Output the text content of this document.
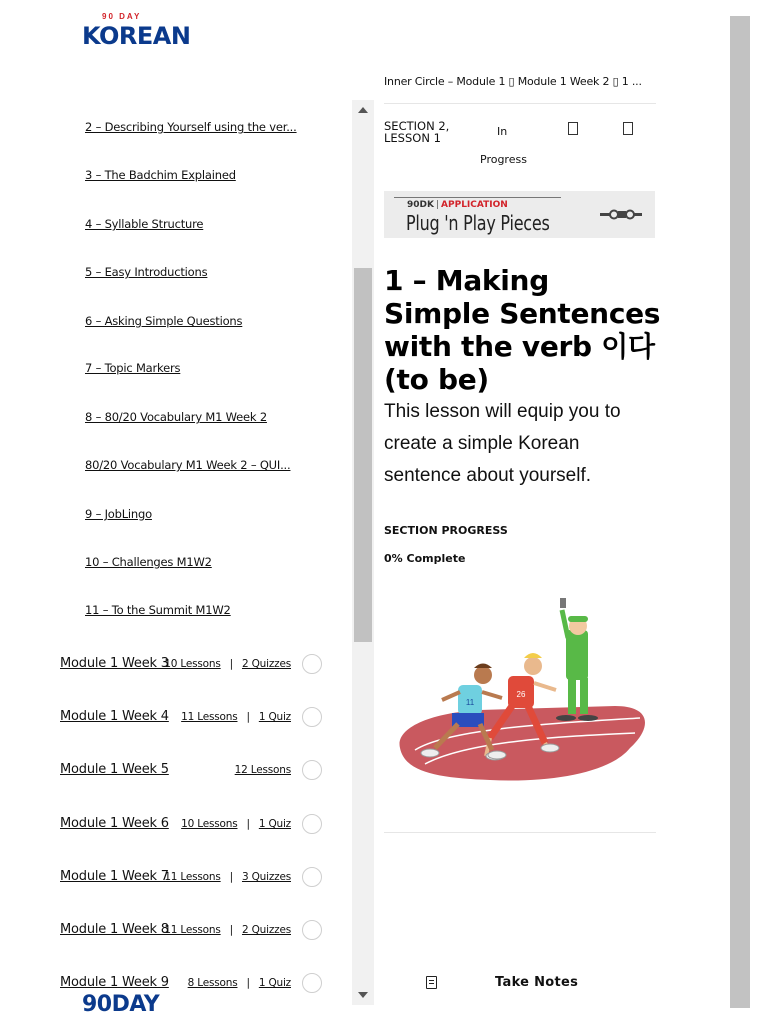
90 DAY
KOREAN
2 – Describing Yourself using the ver...
3 – The Badchim Explained
4 – Syllable Structure
5 – Easy Introductions
6 – Asking Simple Questions
7 – Topic Markers
8 – 80/20 Vocabulary M1 Week 2
80/20 Vocabulary M1 Week 2 – QUI...
9 – JobLingo
10 – Challenges M1W2
11 – To the Summit M1W2
Module 1 Week 3
10 Lessons | 2 Quizzes
Module 1 Week 4 11 Lessons | 1 Quiz
Module 1 Week 5	12 Lessons
Module 1 Week 6 10 Lessons | 1 Quiz
Module 1 Week 7
11 Lessons | 3 Quizzes
Module 1 Week 8
11 Lessons | 2 Quizzes
Module 1 Week 9 8 Lessons | 1 Quiz
90DAY
Inner Circle – Module 1 ▯ Module 1 Week 2 ▯ 1 ...
SECTION 2, LESSON 1	In
Progress
90DK | APPLICATION
Plug 'n Play Pieces
1 – Making Simple Sentences with the verb 이다 (to be)

This lesson will equip you to create a simple Korean sentence about yourself.

SECTION PROGRESS
0% Complete
26
11
Take Notes
